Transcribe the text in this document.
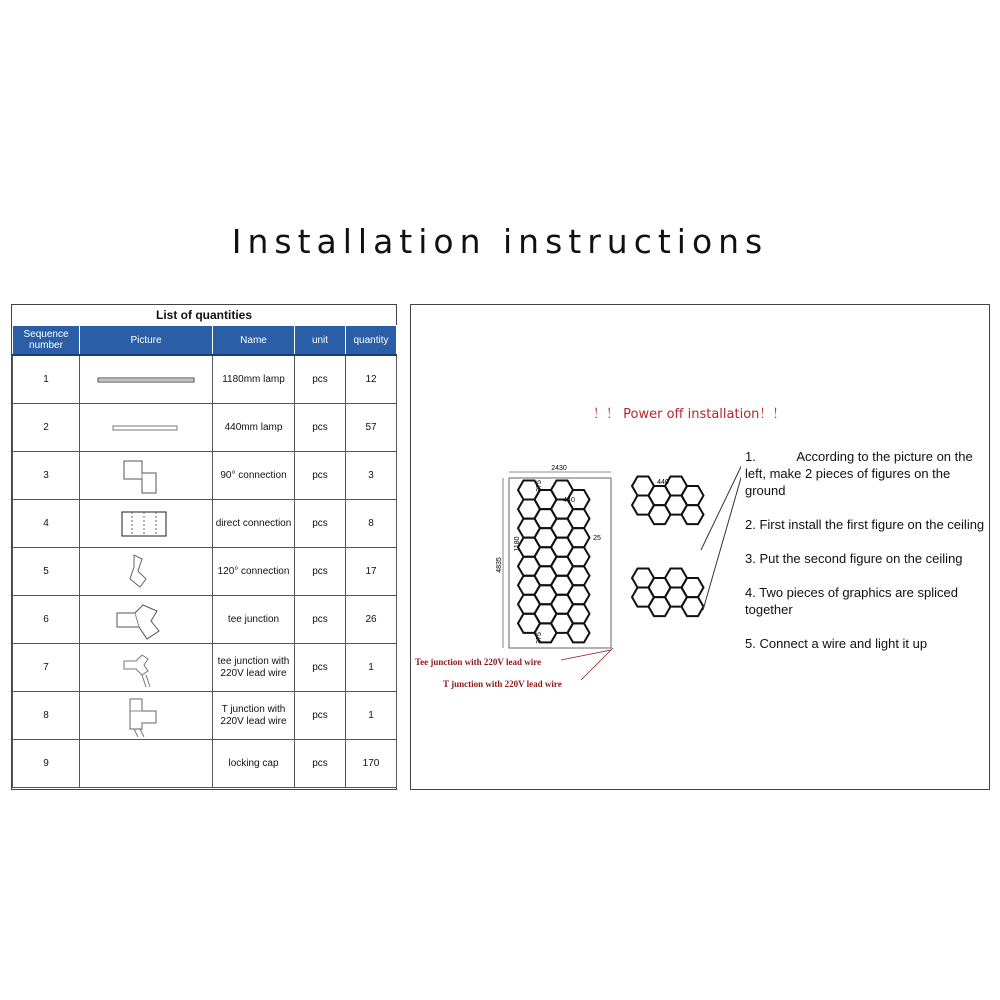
Installation instructions
List of quantities
Sequence number	Picture	Name	unit	quantity
1		1180mm lamp	pcs	12
2		440mm lamp	pcs	57
3		90° connection	pcs	3
4		direct connection	pcs	8
5		120° connection	pcs	17
6		tee junction	pcs	26
7		tee junction with 220V lead wire	pcs	1
8		T junction with 220V lead wire	pcs	1
9		locking cap	pcs	170
！！ Power off installation！！
2430
4835
1180
375
375
440
25
440
Tee junction with 220V lead wire
T junction with 220V lead wire
1.	According to the picture on the left, make 2 pieces of figures on the ground
2. First install the first figure on the ceiling
3. Put the second figure on the ceiling
4. Two pieces of graphics are spliced together
5. Connect a wire and light it up
